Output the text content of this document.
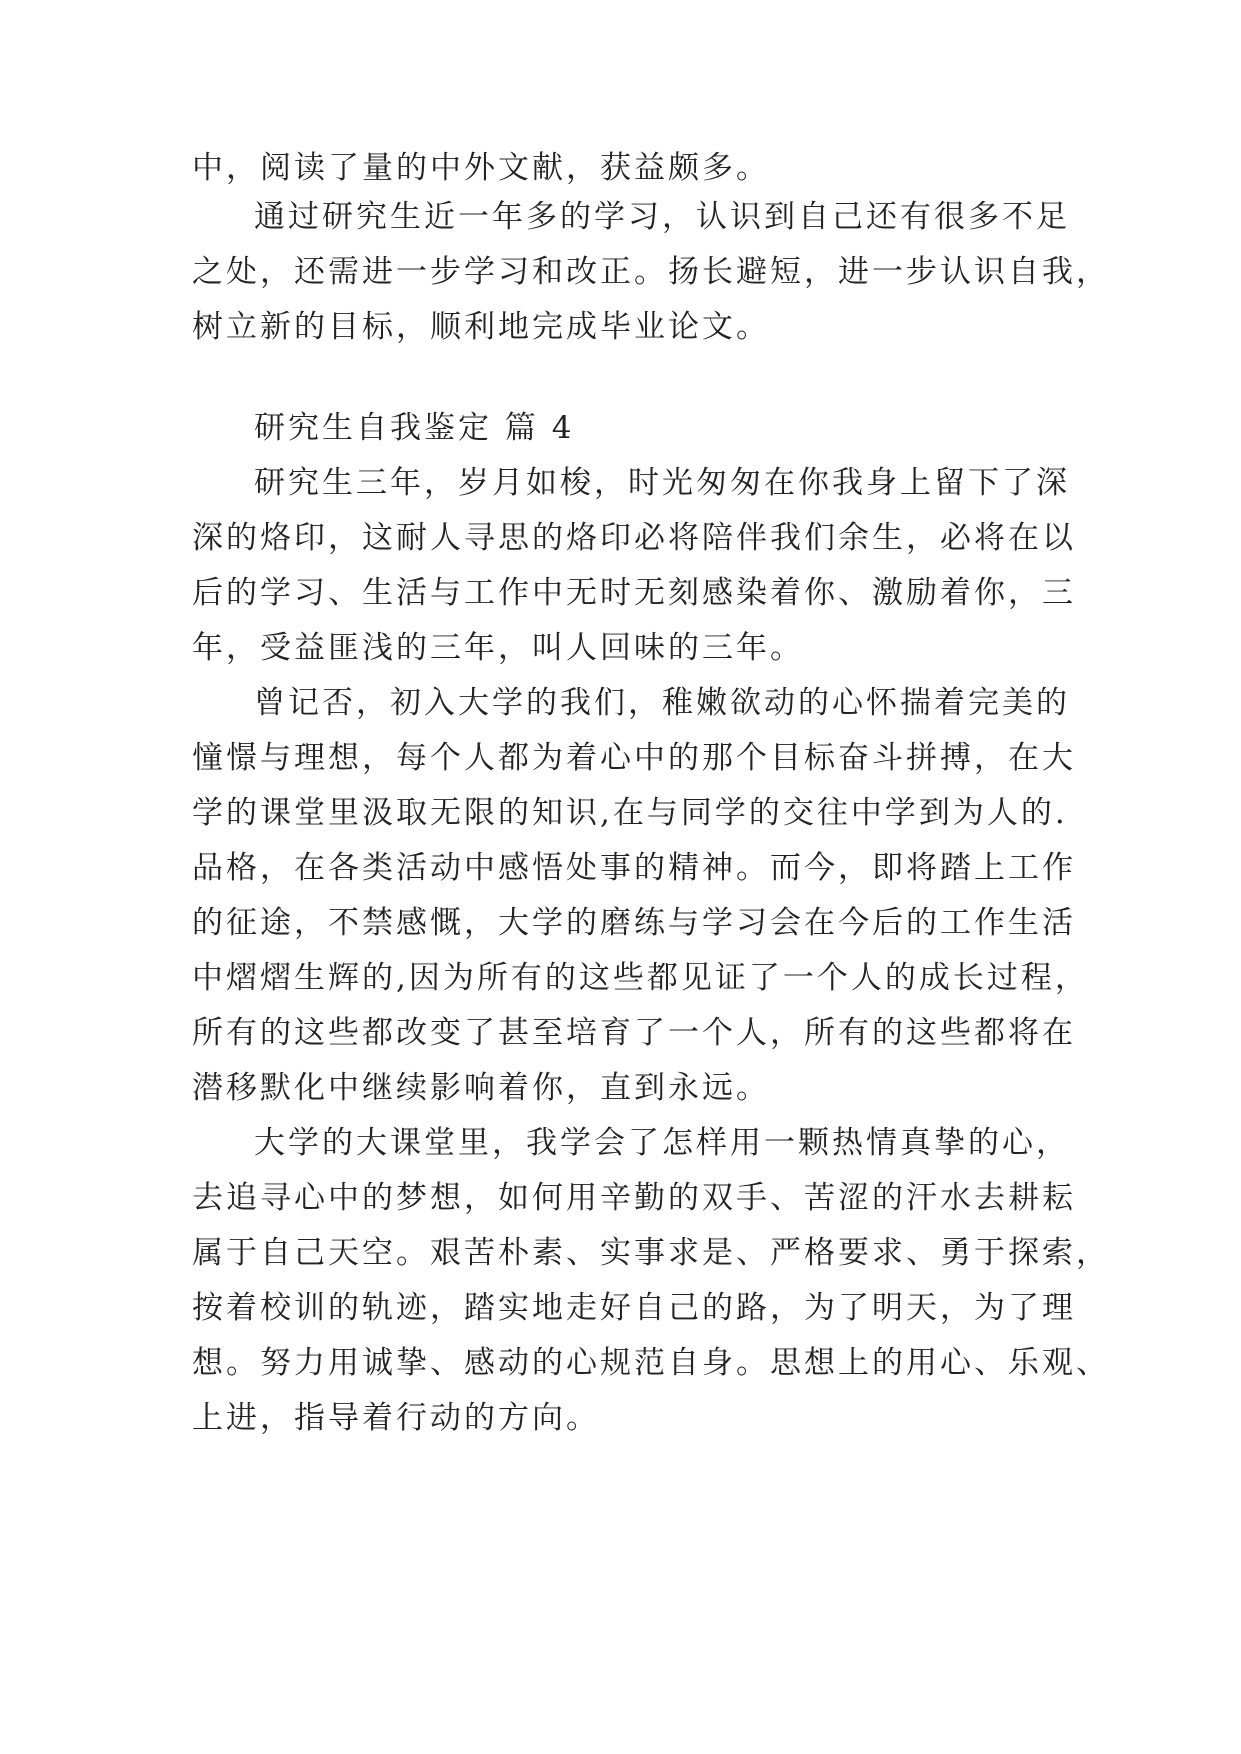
中，阅读了量的中外文献，获益颇多。
通过研究生近一年多的学习，认识到自己还有很多不足
之处，还需进一步学习和改正。扬长避短，进一步认识自我，
树立新的目标，顺利地完成毕业论文。
研究生自我鉴定 篇 4
研究生三年，岁月如梭，时光匆匆在你我身上留下了深
深的烙印，这耐人寻思的烙印必将陪伴我们余生，必将在以
后的学习、生活与工作中无时无刻感染着你、激励着你，三
年，受益匪浅的三年，叫人回味的三年。
曾记否，初入大学的我们，稚嫩欲动的心怀揣着完美的
憧憬与理想，每个人都为着心中的那个目标奋斗拼搏，在大
学的课堂里汲取无限的知识,在与同学的交往中学到为人的.
品格，在各类活动中感悟处事的精神。而今，即将踏上工作
的征途，不禁感慨，大学的磨练与学习会在今后的工作生活
中熠熠生辉的,因为所有的这些都见证了一个人的成长过程，
所有的这些都改变了甚至培育了一个人，所有的这些都将在
潜移默化中继续影响着你，直到永远。
大学的大课堂里，我学会了怎样用一颗热情真挚的心，
去追寻心中的梦想，如何用辛勤的双手、苦涩的汗水去耕耘
属于自己天空。艰苦朴素、实事求是、严格要求、勇于探索，
按着校训的轨迹，踏实地走好自己的路，为了明天，为了理
想。努力用诚挚、感动的心规范自身。思想上的用心、乐观、
上进，指导着行动的方向。
